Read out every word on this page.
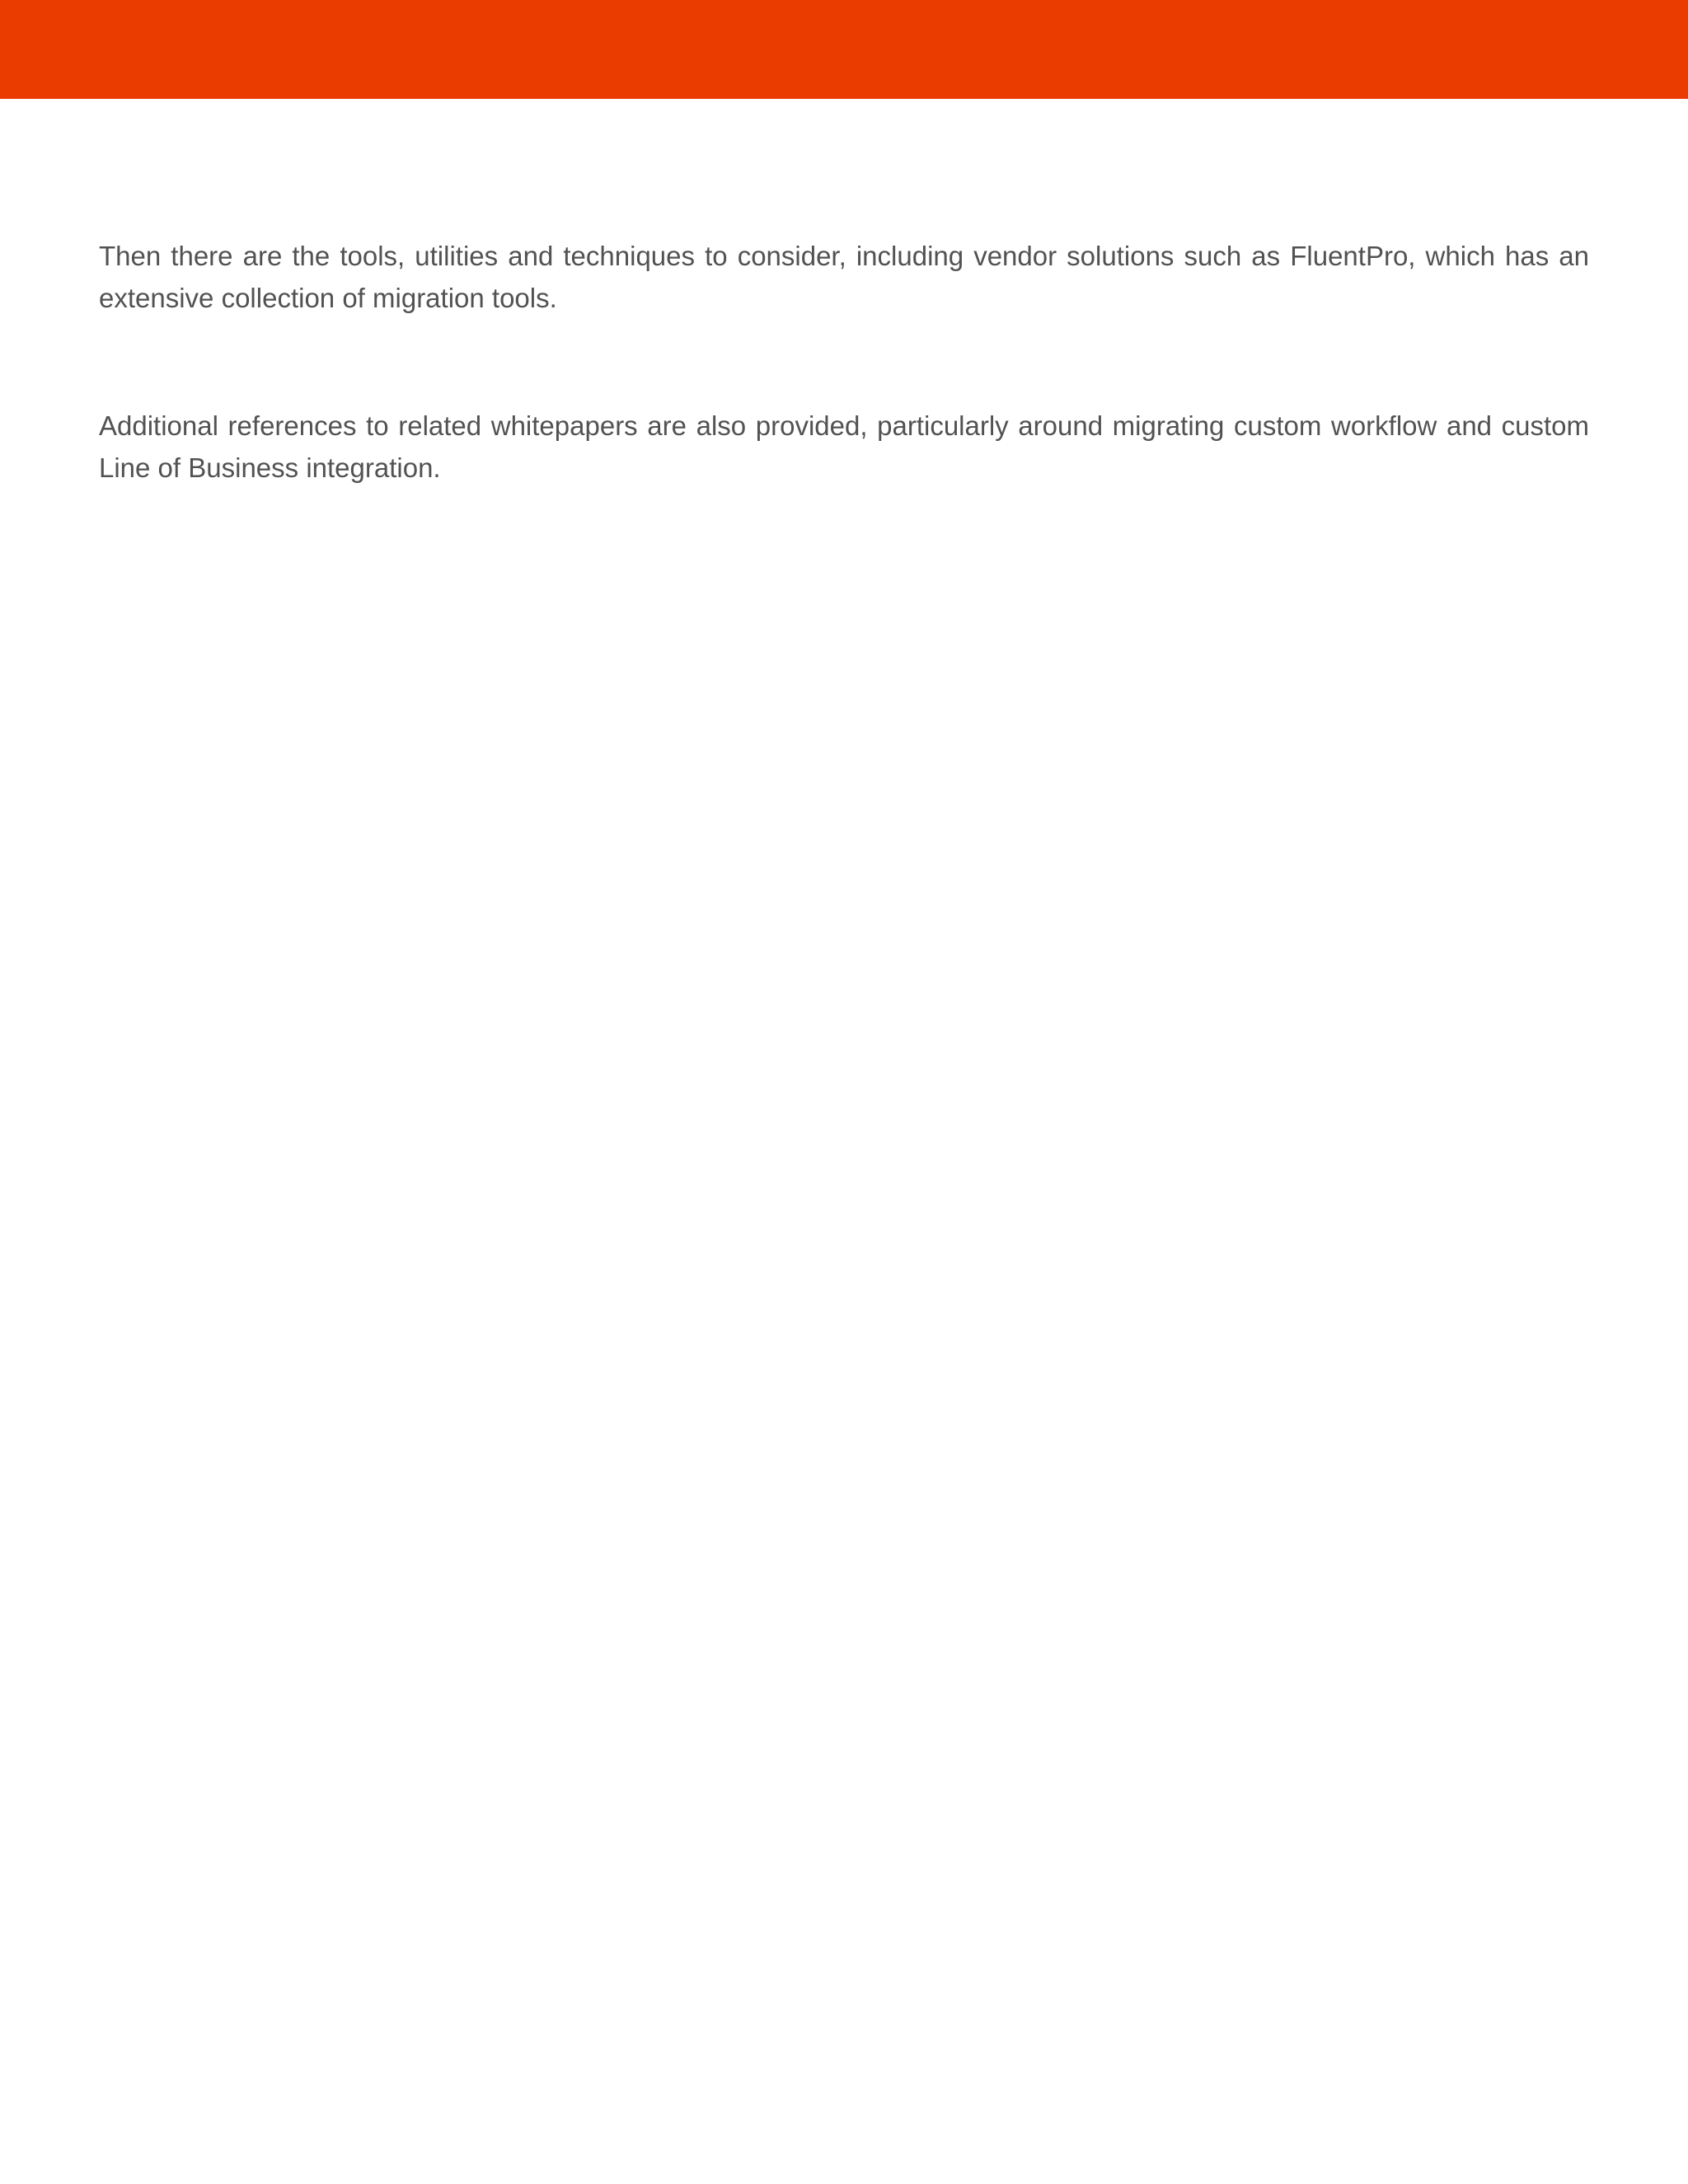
Then there are the tools, utilities and techniques to consider, including vendor solutions such as FluentPro, which has an extensive collection of migration tools.

Additional references to related whitepapers are also provided, particularly around migrating custom workflow and custom Line of Business integration.
